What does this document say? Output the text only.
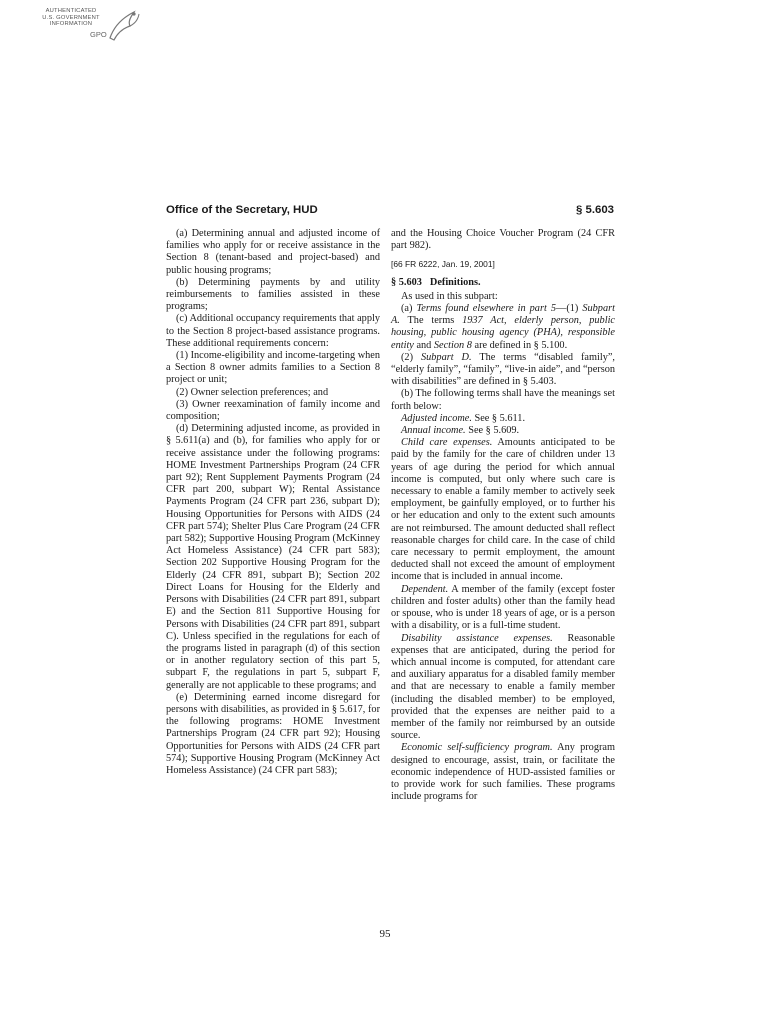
AUTHENTICATED
U.S. GOVERNMENT
INFORMATION
GPO
Office of the Secretary, HUD	§ 5.603

(a) Determining annual and adjusted income of families who apply for or receive assistance in the Section 8 (tenant-based and project-based) and public housing programs;

(b) Determining payments by and utility reimbursements to families assisted in these programs;

(c) Additional occupancy requirements that apply to the Section 8 project-based assistance programs. These additional requirements concern:

(1) Income-eligibility and income-targeting when a Section 8 owner admits families to a Section 8 project or unit;

(2) Owner selection preferences; and

(3) Owner reexamination of family income and composition;

(d) Determining adjusted income, as provided in § 5.611(a) and (b), for families who apply for or receive assistance under the following programs: HOME Investment Partnerships Program (24 CFR part 92); Rent Supplement Payments Program (24 CFR part 200, subpart W); Rental Assistance Payments Program (24 CFR part 236, subpart D); Housing Opportunities for Persons with AIDS (24 CFR part 574); Shelter Plus Care Program (24 CFR part 582); Supportive Housing Program (McKinney Act Homeless Assistance) (24 CFR part 583); Section 202 Supportive Housing Program for the Elderly (24 CFR 891, subpart B); Section 202 Direct Loans for Housing for the Elderly and Persons with Disabilities (24 CFR part 891, subpart E) and the Section 811 Supportive Housing for Persons with Disabilities (24 CFR part 891, subpart C). Unless specified in the regulations for each of the programs listed in paragraph (d) of this section or in another regulatory section of this part 5, subpart F, the regulations in part 5, subpart F, generally are not applicable to these programs; and

(e) Determining earned income disregard for persons with disabilities, as provided in § 5.617, for the following programs: HOME Investment Partnerships Program (24 CFR part 92); Housing Opportunities for Persons with AIDS (24 CFR part 574); Supportive Housing Program (McKinney Act Homeless Assistance) (24 CFR part 583);

and the Housing Choice Voucher Program (24 CFR part 982).

[66 FR 6222, Jan. 19, 2001]

§ 5.603 Definitions.

As used in this subpart:

(a) Terms found elsewhere in part 5—(1) Subpart A. The terms 1937 Act, elderly person, public housing, public housing agency (PHA), responsible entity and Section 8 are defined in § 5.100.

(2) Subpart D. The terms “disabled family”, “elderly family”, “family”, “live-in aide”, and “person with disabilities” are defined in § 5.403.

(b) The following terms shall have the meanings set forth below:

Adjusted income. See § 5.611.

Annual income. See § 5.609.

Child care expenses. Amounts anticipated to be paid by the family for the care of children under 13 years of age during the period for which annual income is computed, but only where such care is necessary to enable a family member to actively seek employment, be gainfully employed, or to further his or her education and only to the extent such amounts are not reimbursed. The amount deducted shall reflect reasonable charges for child care. In the case of child care necessary to permit employment, the amount deducted shall not exceed the amount of employment income that is included in annual income.

Dependent. A member of the family (except foster children and foster adults) other than the family head or spouse, who is under 18 years of age, or is a person with a disability, or is a full-time student.

Disability assistance expenses. Reasonable expenses that are anticipated, during the period for which annual income is computed, for attendant care and auxiliary apparatus for a disabled family member and that are necessary to enable a family member (including the disabled member) to be employed, provided that the expenses are neither paid to a member of the family nor reimbursed by an outside source.

Economic self-sufficiency program. Any program designed to encourage, assist, train, or facilitate the economic independence of HUD-assisted families or to provide work for such families. These programs include programs for

95
